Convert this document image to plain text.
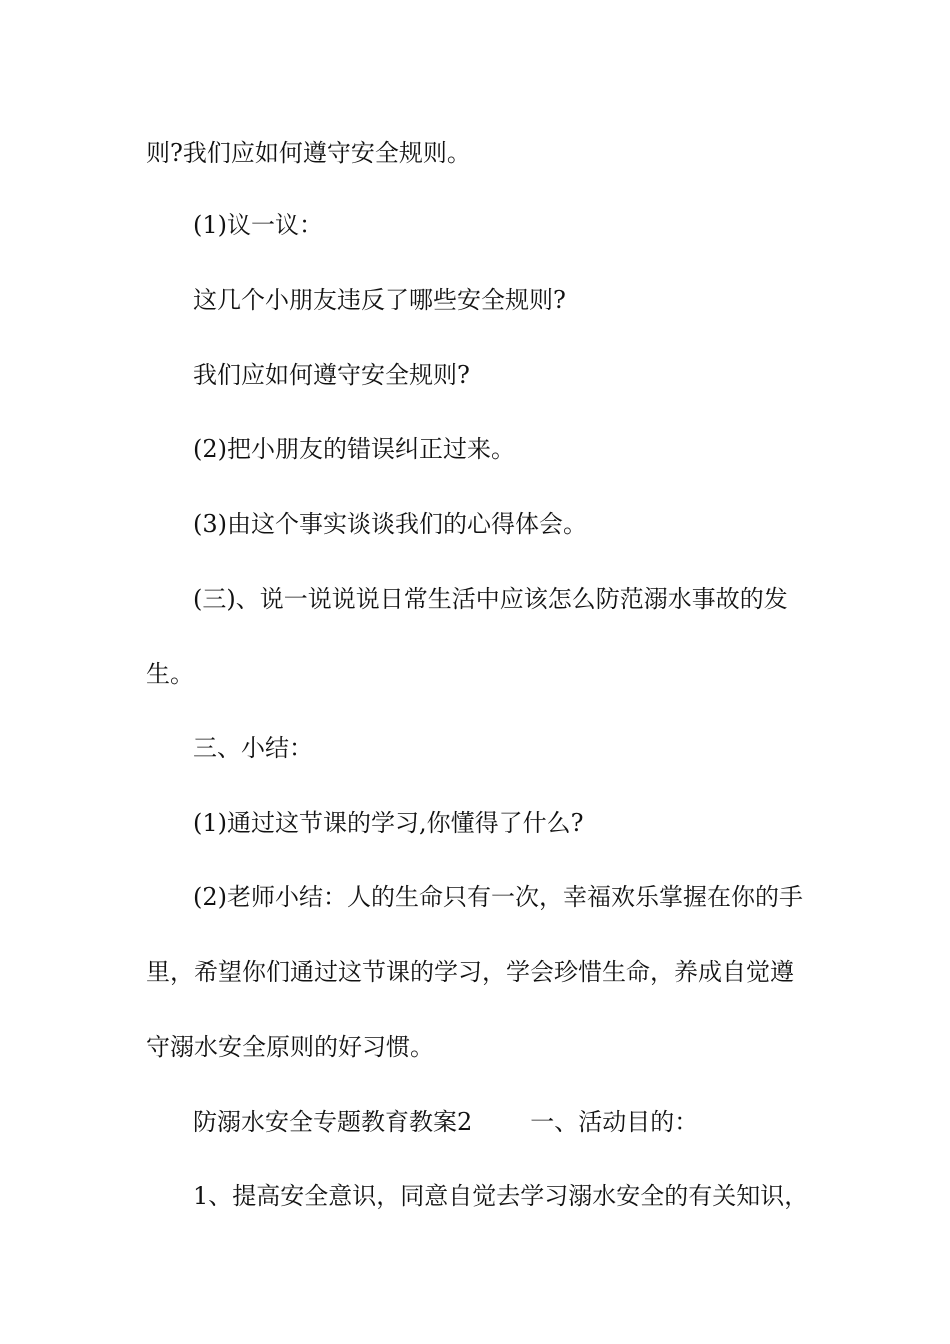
则?我们应如何遵守安全规则。
(1)议一议：
这几个小朋友违反了哪些安全规则?
我们应如何遵守安全规则?
(2)把小朋友的错误纠正过来。
(3)由这个事实谈谈我们的心得体会。
(三)、说一说说说日常生活中应该怎么防范溺水事故的发
生。
三、小结：
(1)通过这节课的学习,你懂得了什么?
(2)老师小结：人的生命只有一次，幸福欢乐掌握在你的手
里，希望你们通过这节课的学习，学会珍惜生命，养成自觉遵
守溺水安全原则的好习惯。
防溺水安全专题教育教案2 一、活动目的：
1、提高安全意识，同意自觉去学习溺水安全的有关知识，
